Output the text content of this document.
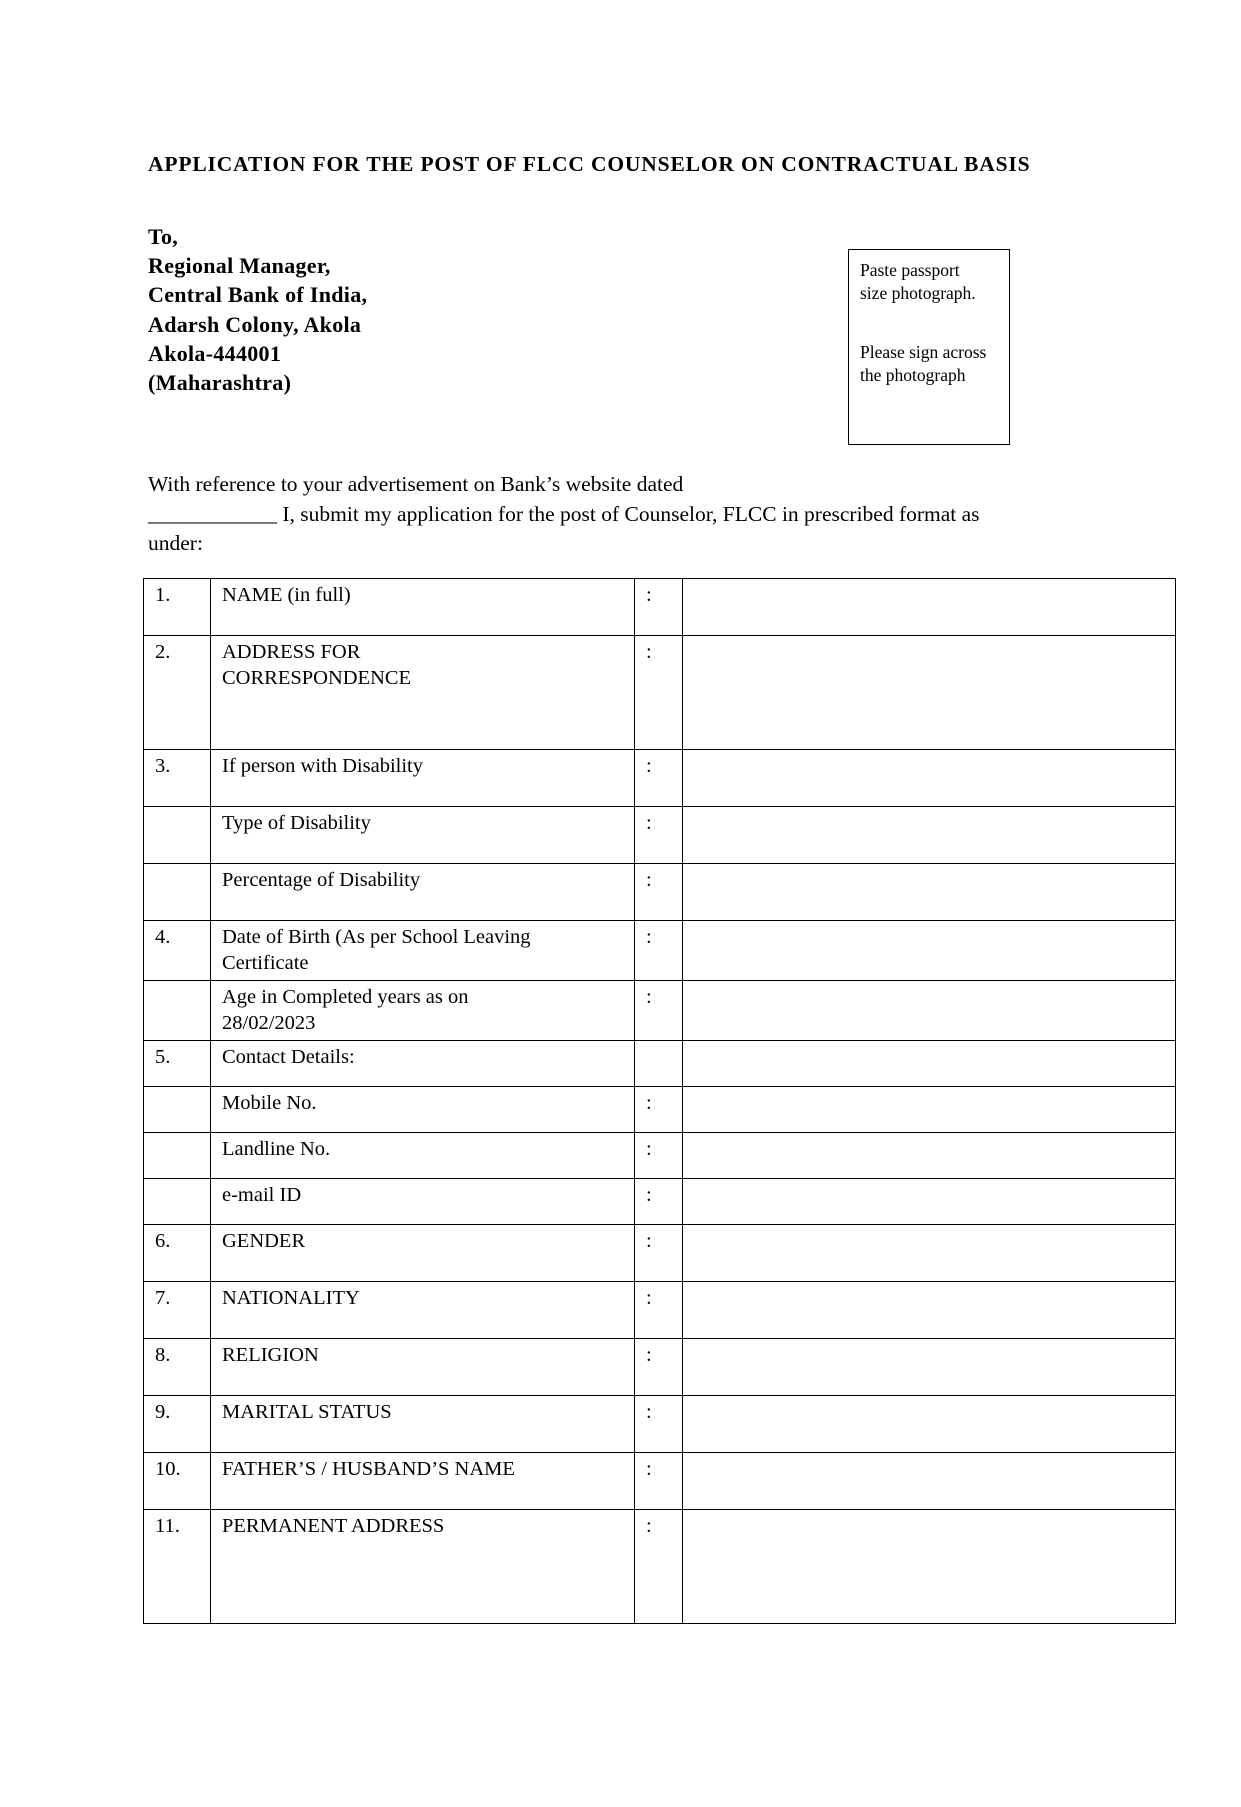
APPLICATION FOR THE POST OF FLCC COUNSELOR ON CONTRACTUAL BASIS
To,
Regional Manager,
Central Bank of India,
Adarsh Colony, Akola
Akola-444001
(Maharashtra)
Paste passport
size photograph.
Please sign across
the photograph
With reference to your advertisement on Bank’s website dated
____________ I, submit my application for the post of Counselor, FLCC in prescribed format as
under:
1.	NAME (in full)	:	
2.	ADDRESS FOR
CORRESPONDENCE	:	
3.	If person with Disability	:	
	Type of Disability	:	
	Percentage of Disability	:	
4.	Date of Birth (As per School Leaving
Certificate	:	

	Age in Completed years as on
28/02/2023	:	
5.	Contact Details:		
	Mobile No.	:	
	Landline No.	:	
	e-mail ID	:	
6.	GENDER	:	
7.	NATIONALITY	:	
8.	RELIGION	:	
9.	MARITAL STATUS	:	
10.	FATHER’S / HUSBAND’S NAME	:	
11.	PERMANENT ADDRESS	:	
